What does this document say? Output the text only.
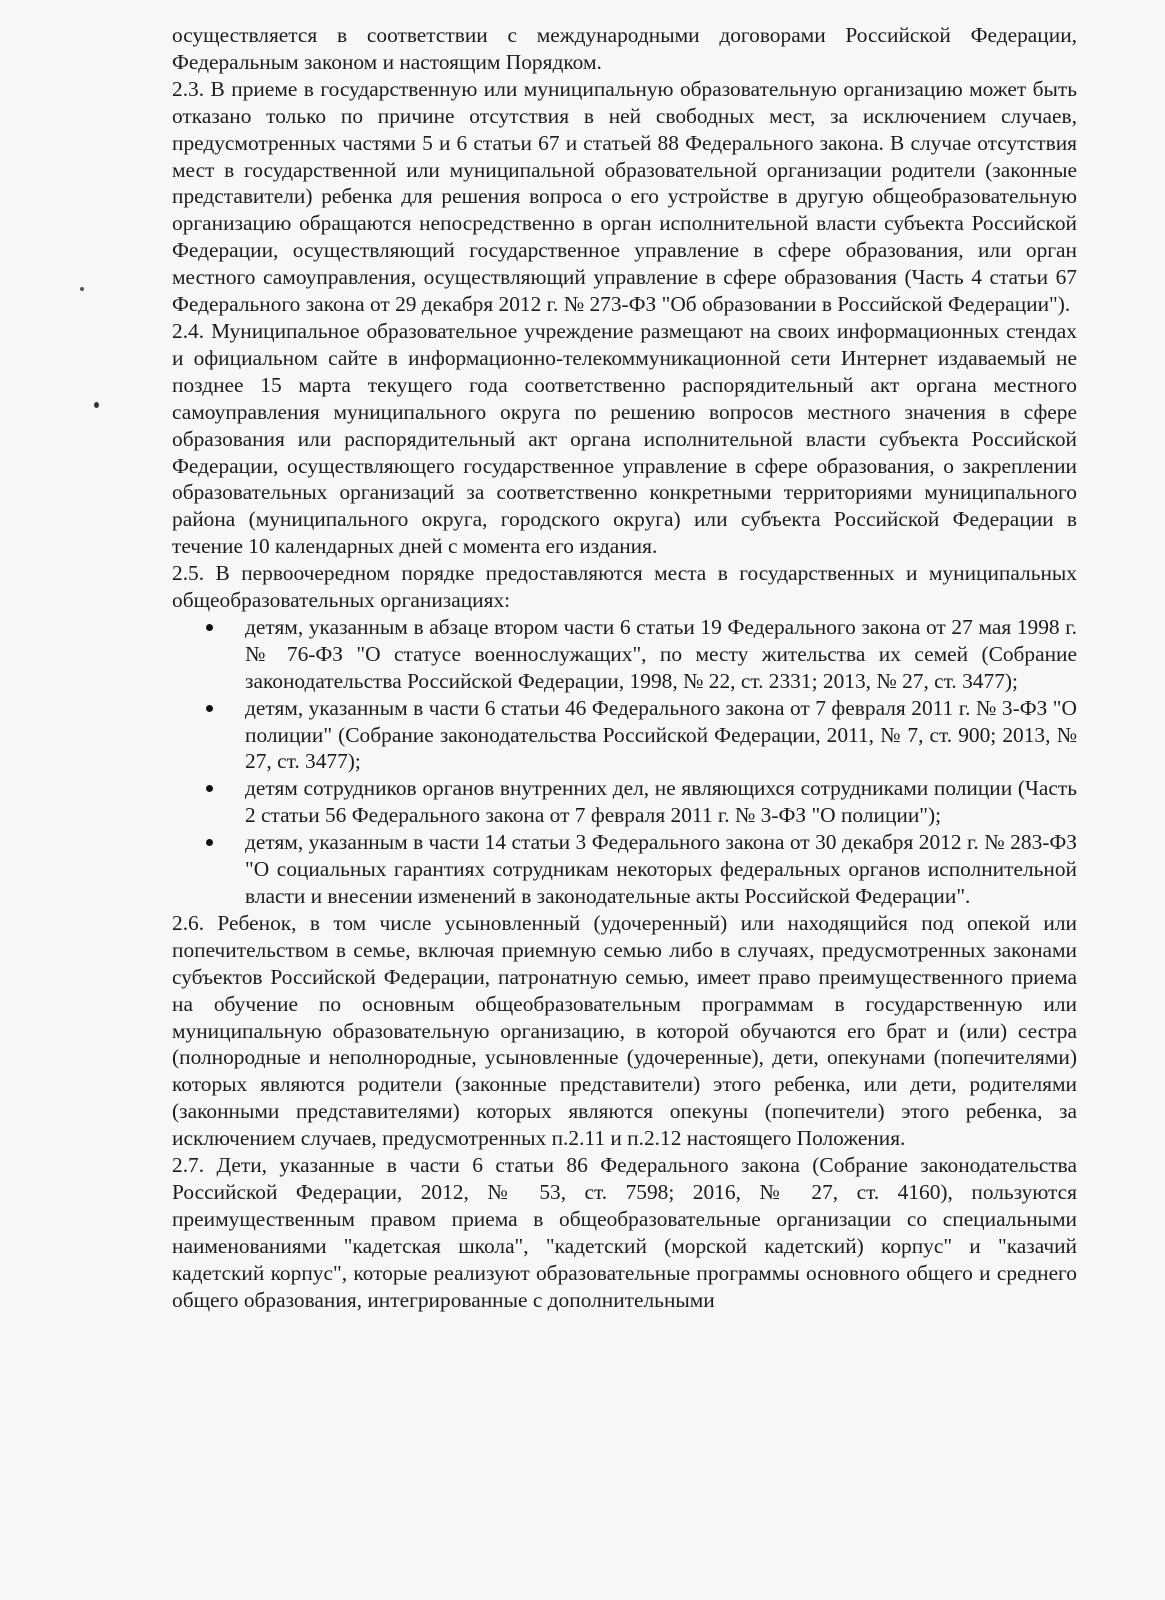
осуществляется в соответствии с международными договорами Российской Федерации, Федеральным законом и настоящим Порядком.

2.3. В приеме в государственную или муниципальную образовательную организацию может быть отказано только по причине отсутствия в ней свободных мест, за исключением случаев, предусмотренных частями 5 и 6 статьи 67 и статьей 88 Федерального закона. В случае отсутствия мест в государственной или муниципальной образовательной организации родители (законные представители) ребенка для решения вопроса о его устройстве в другую общеобразовательную организацию обращаются непосредственно в орган исполнительной власти субъекта Российской Федерации, осуществляющий государственное управление в сфере образования, или орган местного самоуправления, осуществляющий управление в сфере образования (Часть 4 статьи 67 Федерального закона от 29 декабря 2012 г. № 273-ФЗ "Об образовании в Российской Федерации").

2.4. Муниципальное образовательное учреждение размещают на своих информационных стендах и официальном сайте в информационно-телекоммуникационной сети Интернет издаваемый не позднее 15 марта текущего года соответственно распорядительный акт органа местного самоуправления муниципального округа по решению вопросов местного значения в сфере образования или распорядительный акт органа исполнительной власти субъекта Российской Федерации, осуществляющего государственное управление в сфере образования, о закреплении образовательных организаций за соответственно конкретными территориями муниципального района (муниципального округа, городского округа) или субъекта Российской Федерации в течение 10 календарных дней с момента его издания.

2.5. В первоочередном порядке предоставляются места в государственных и муниципальных общеобразовательных организациях:

детям, указанным в абзаце втором части 6 статьи 19 Федерального закона от 27 мая 1998 г. № 76-ФЗ "О статусе военнослужащих", по месту жительства их семей (Собрание законодательства Российской Федерации, 1998, № 22, ст. 2331; 2013, № 27, ст. 3477);
детям, указанным в части 6 статьи 46 Федерального закона от 7 февраля 2011 г. № 3-ФЗ "О полиции" (Собрание законодательства Российской Федерации, 2011, № 7, ст. 900; 2013, № 27, ст. 3477);
детям сотрудников органов внутренних дел, не являющихся сотрудниками полиции (Часть 2 статьи 56 Федерального закона от 7 февраля 2011 г. № 3-ФЗ "О полиции");
детям, указанным в части 14 статьи 3 Федерального закона от 30 декабря 2012 г. № 283-ФЗ "О социальных гарантиях сотрудникам некоторых федеральных органов исполнительной власти и внесении изменений в законодательные акты Российской Федерации".

2.6. Ребенок, в том числе усыновленный (удочеренный) или находящийся под опекой или попечительством в семье, включая приемную семью либо в случаях, предусмотренных законами субъектов Российской Федерации, патронатную семью, имеет право преимущественного приема на обучение по основным общеобразовательным программам в государственную или муниципальную образовательную организацию, в которой обучаются его брат и (или) сестра (полнородные и неполнородные, усыновленные (удочеренные), дети, опекунами (попечителями) которых являются родители (законные представители) этого ребенка, или дети, родителями (законными представителями) которых являются опекуны (попечители) этого ребенка, за исключением случаев, предусмотренных п.2.11 и п.2.12 настоящего Положения.

2.7. Дети, указанные в части 6 статьи 86 Федерального закона (Собрание законодательства Российской Федерации, 2012, № 53, ст. 7598; 2016, № 27, ст. 4160), пользуются преимущественным правом приема в общеобразовательные организации со специальными наименованиями "кадетская школа", "кадетский (морской кадетский) корпус" и "казачий кадетский корпус", которые реализуют образовательные программы основного общего и среднего общего образования, интегрированные с дополнительными
